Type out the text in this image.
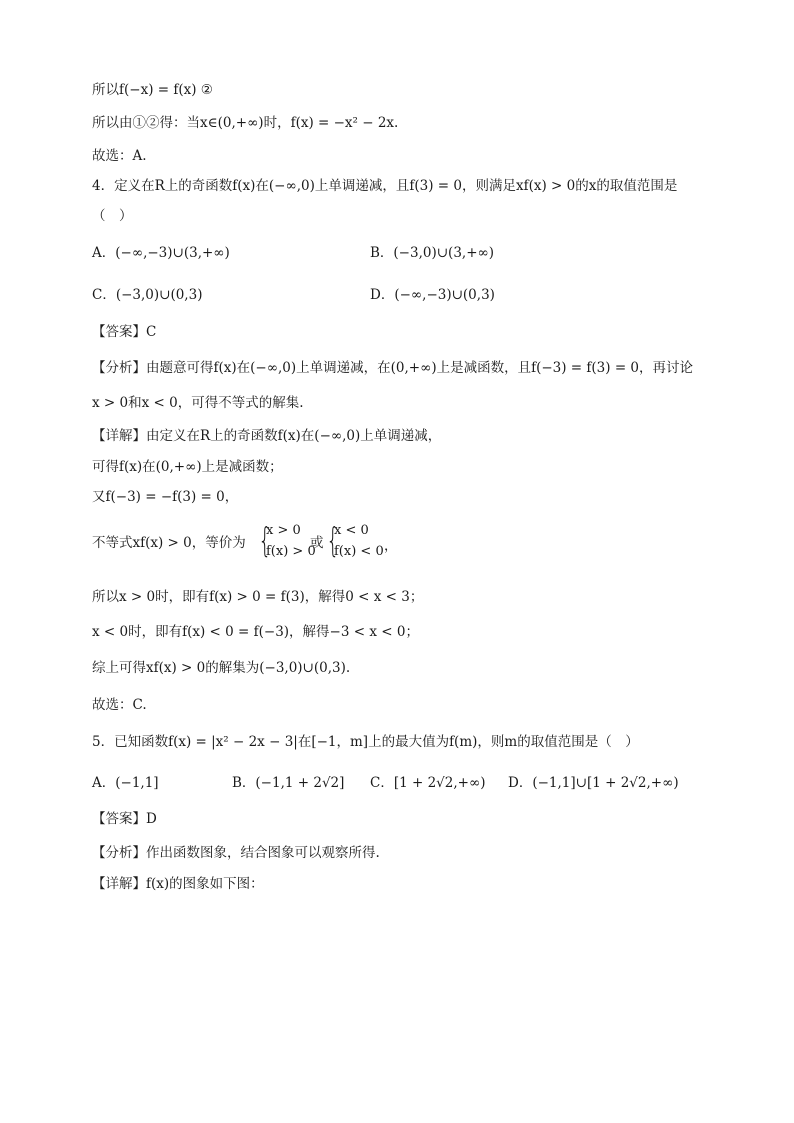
所以f(−x) = f(x) ②
所以由①②得：当x∈(0,+∞)时，f(x) = −x² − 2x.
故选：A.
4．定义在R上的奇函数f(x)在(−∞,0)上单调递减，且f(3) = 0，则满足xf(x) > 0的x的取值范围是
（　）
A．(−∞,−3)∪(3,+∞)	B．(−3,0)∪(3,+∞)
C．(−3,0)∪(0,3)	D．(−∞,−3)∪(0,3)
【答案】C
【分析】由题意可得f(x)在(−∞,0)上单调递减，在(0,+∞)上是减函数，且f(−3) = f(3) = 0，再讨论
x > 0和x < 0，可得不等式的解集.
【详解】由定义在R上的奇函数f(x)在(−∞,0)上单调递减，
可得f(x)在(0,+∞)上是减函数；
又f(−3) = −f(3) = 0，
不等式xf(x) > 0，等价为 {
x > 0
f(x) > 0
或 {
x < 0
f(x) < 0 ，
所以x > 0时，即有f(x) > 0 = f(3)，解得0 < x < 3；
x < 0时，即有f(x) < 0 = f(−3)，解得−3 < x < 0；
综上可得xf(x) > 0的解集为(−3,0)∪(0,3).
故选：C.
5．已知函数f(x) = |x² − 2x − 3|在[−1，m]上的最大值为f(m)，则m的取值范围是（　）
A．(−1,1]	B．(−1,1 + 2√2] C．[1 + 2√2,+∞) D．(−1,1]∪[1 + 2√2,+∞)
【答案】D
【分析】作出函数图象，结合图象可以观察所得.
【详解】f(x)的图象如下图：
